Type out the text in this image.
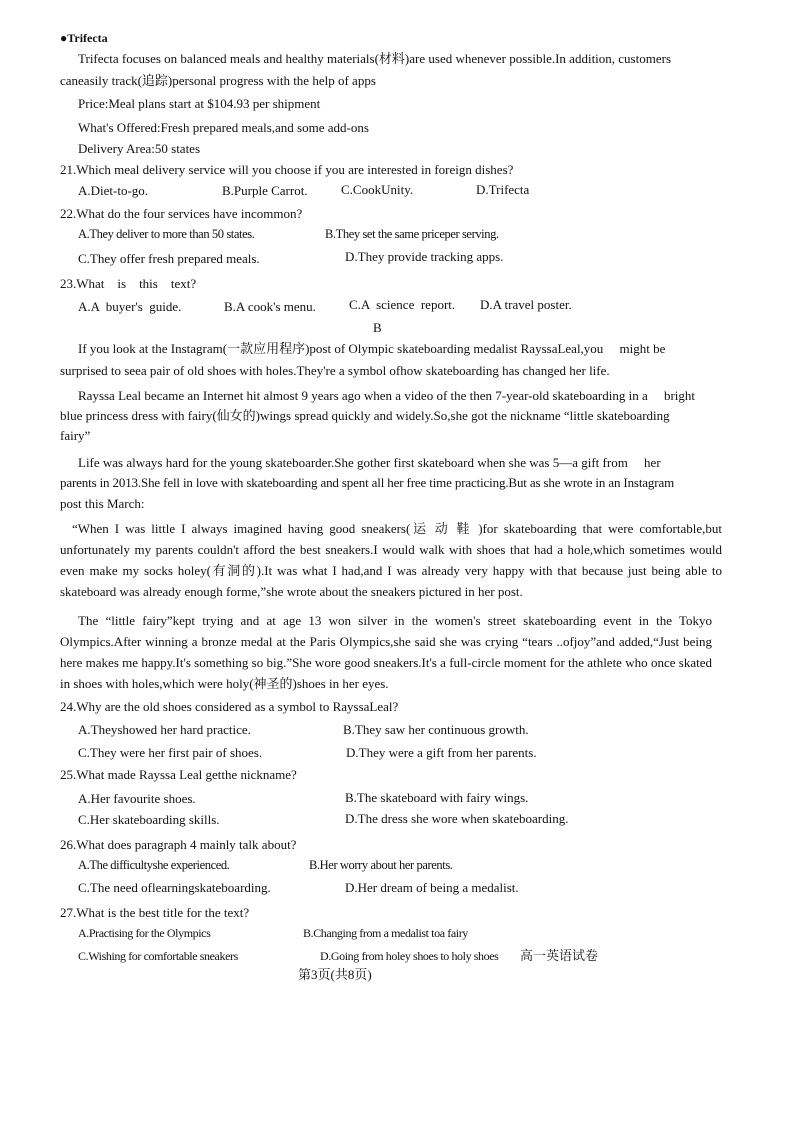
●Trifecta
Trifecta focuses on balanced meals and healthy materials(材料)are used whenever possible.In addition, customers
caneasily track(追踪)personal progress with the help of apps
Price:Meal plans start at $104.93 per shipment
What's Offered:Fresh prepared meals,and some add-ons
Delivery Area:50 states
21.Which meal delivery service will you choose if you are interested in foreign dishes?
A.Diet-to-go.	B.Purple Carrot.	C.CookUnity.	D.Trifecta
22.What do the four services have incommon?
A.They deliver to more than 50 states.	B.They set the same priceper serving.
C.They offer fresh prepared meals.	D.They provide tracking apps.
23.What    is    this    text?
A.A  buyer's  guide.	B.A cook's menu.	C.A  science  report. D.A travel poster.
B
If you look at the Instagram(一款应用程序)post of Olympic skateboarding medalist RayssaLeal,you     might be
surprised to seea pair of old shoes with holes.They're a symbol ofhow skateboarding has changed her life.
Rayssa Leal became an Internet hit almost 9 years ago when a video of the then 7-year-old skateboarding in a     bright
blue princess dress with fairy(仙女的)wings spread quickly and widely.So,she got the nickname “little skateboarding
fairy”
Life was always hard for the young skateboarder.She gother first skateboard when she was 5—a gift from     her
parents in 2013.She fell in love with skateboarding and spent all her free time practicing.But as she wrote in an Instagram
post this March:
“When I was little I always imagined having good sneakers(运 动 鞋 )for skateboarding that were comfortable,but unfortunately my parents couldn't afford the best sneakers.I would walk with shoes that had a hole,which sometimes would even make my socks holey(有洞的).It was what I had,and I was already very happy with that because just being able to skateboard was already enough forme,”she wrote about the sneakers pictured in her post.
The “little fairy”kept trying and at age 13 won silver in the women's street skateboarding event in the Tokyo Olympics.After winning a bronze medal at the Paris Olympics,she said she was crying “tears ..ofjoy”and added,“Just being here makes me happy.It's something so big.”She wore good sneakers.It's a full-circle moment for the athlete who once skated in shoes with holes,which were holy(神圣的)shoes in her eyes.
24.Why are the old shoes considered as a symbol to RayssaLeal?
A.Theyshowed her hard practice.	B.They saw her continuous growth.
C.They were her first pair of shoes.	D.They were a gift from her parents.
25.What made Rayssa Leal getthe nickname?
A.Her favourite shoes.	B.The skateboard with fairy wings.
C.Her skateboarding skills.	D.The dress she wore when skateboarding.
26.What does paragraph 4 mainly talk about?
A.The difficultyshe experienced.	B.Her worry about her parents.
C.The need oflearningskateboarding.	D.Her dream of being a medalist.
27.What is the best title for the text?
A.Practising for the Olympics	B.Changing from a medalist toa fairy
C.Wishing for comfortable sneakers	D.Going from holey shoes to holy shoes 高一英语试卷
第3页(共8页)
